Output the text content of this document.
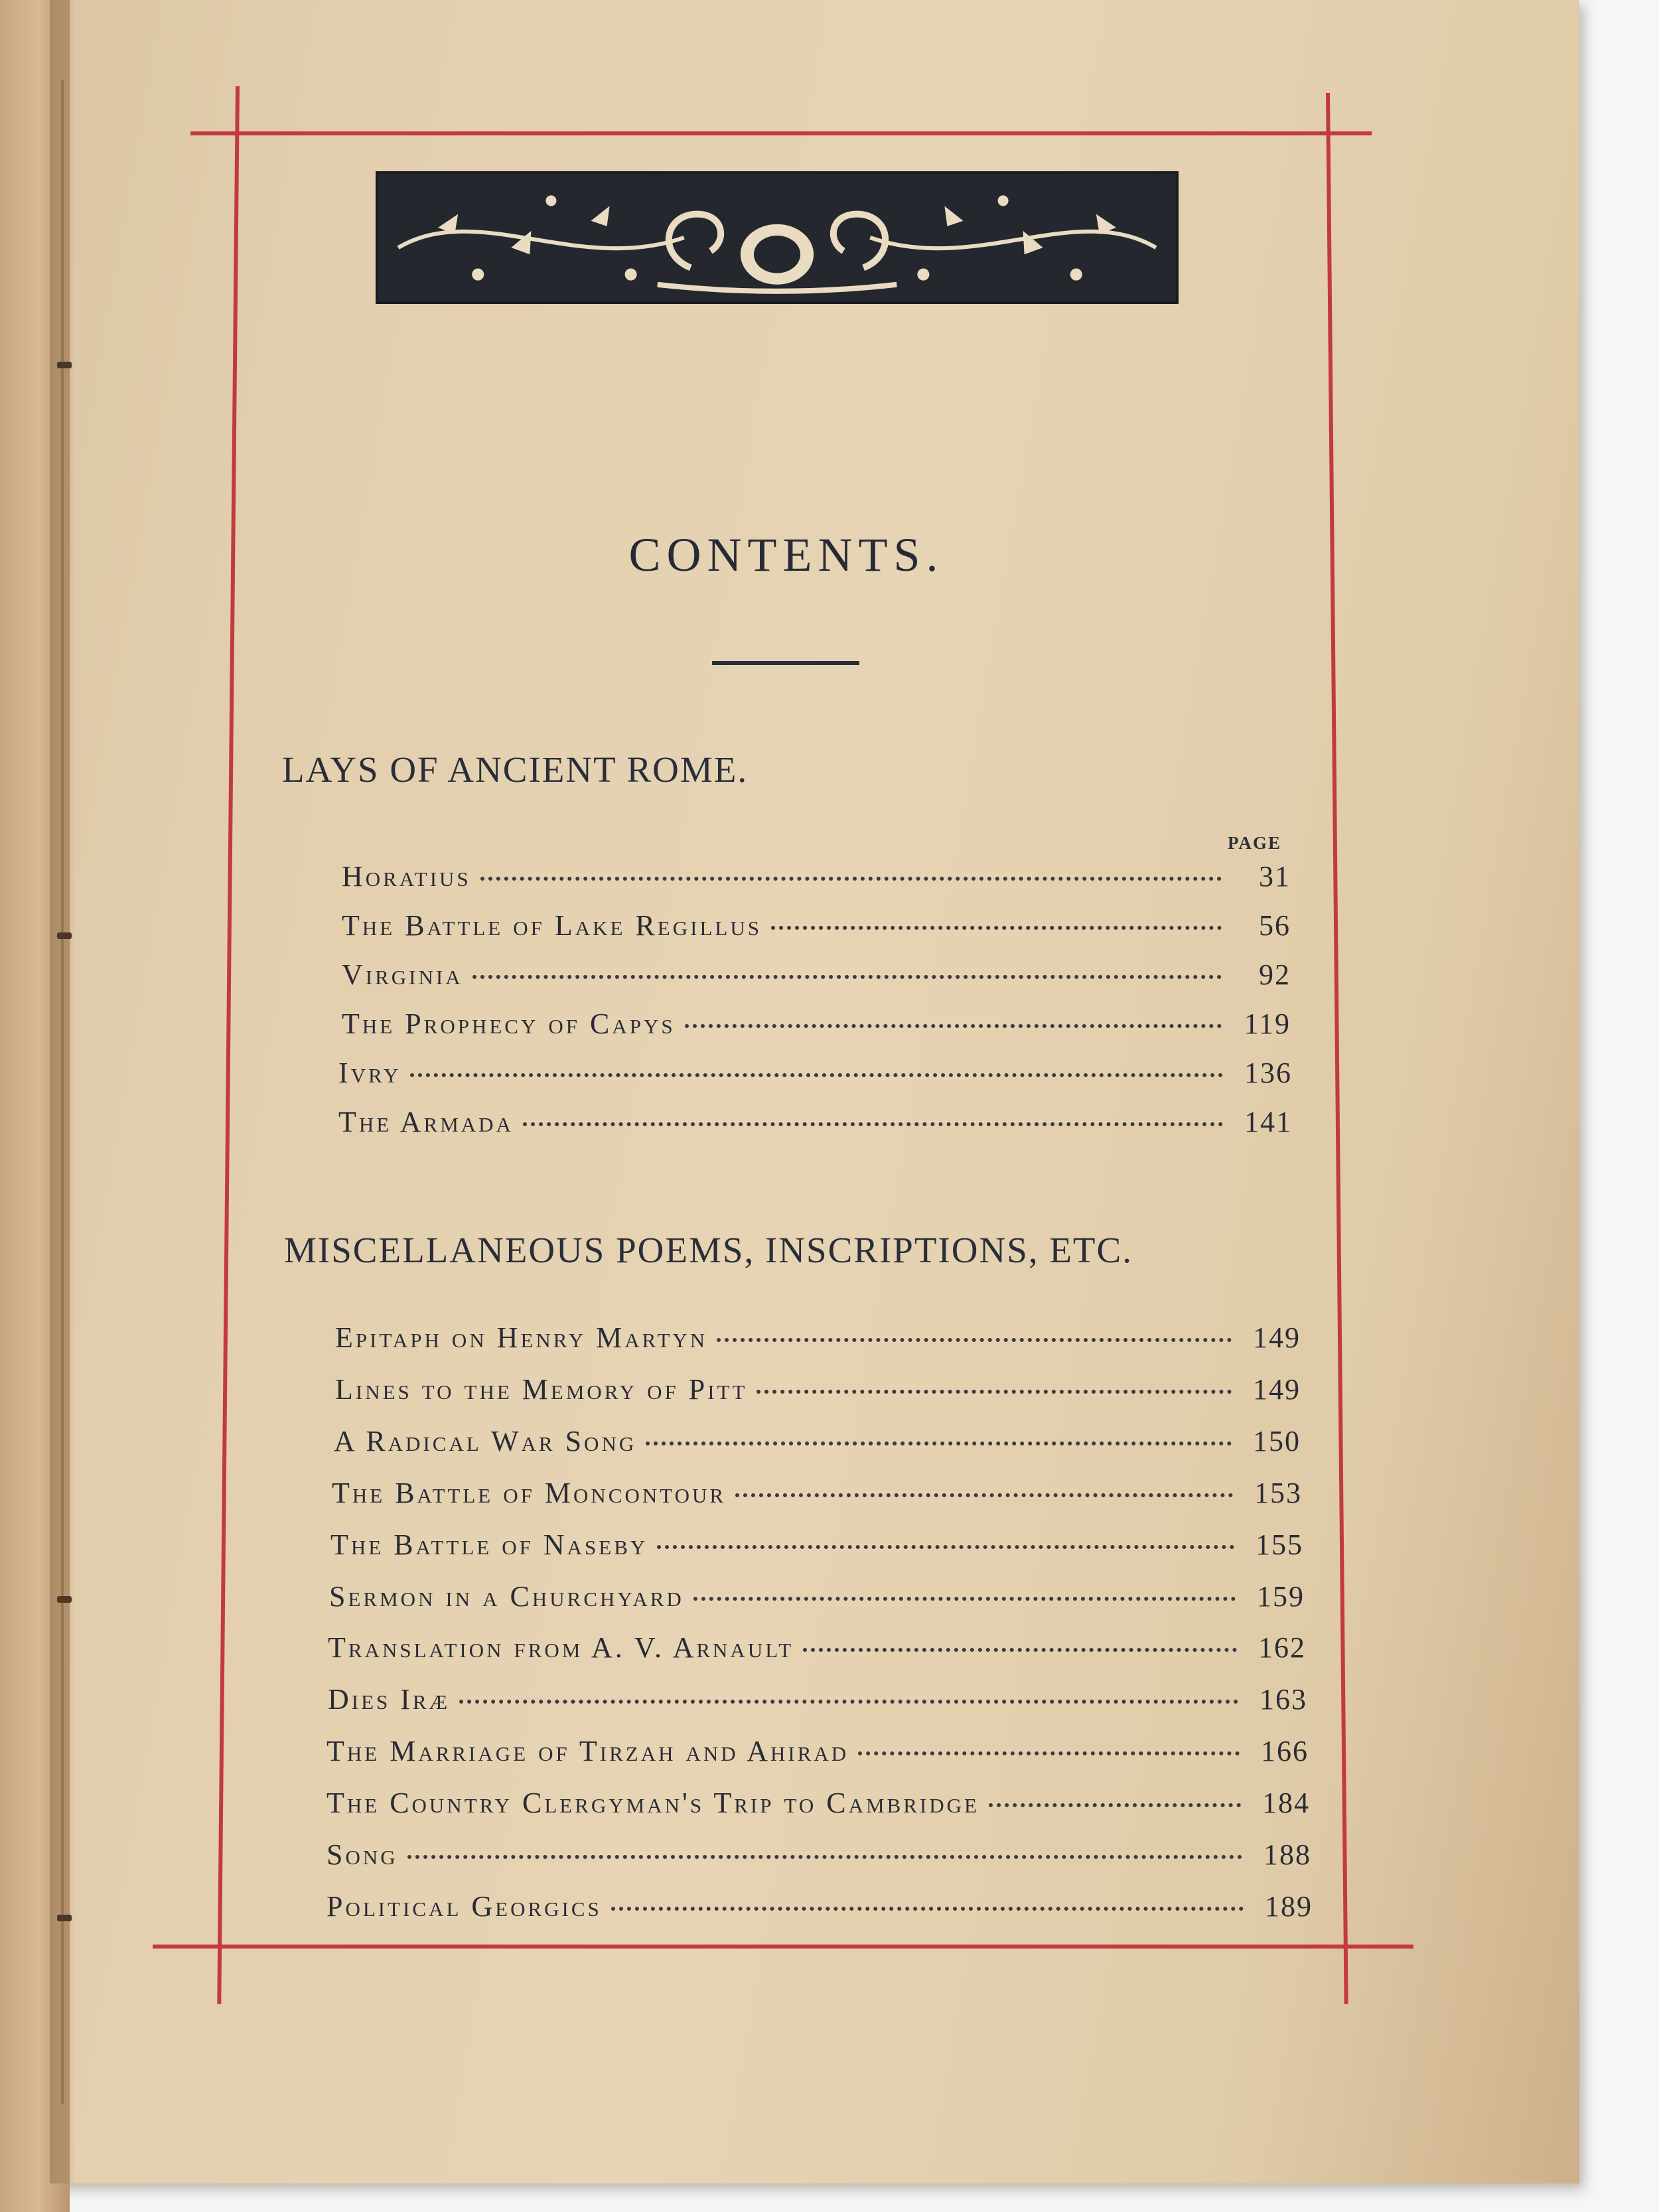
CONTENTS.
LAYS OF ANCIENT ROME.
PAGE
Horatius	31
The Battle of Lake Regillus	56
Virginia	92
The Prophecy of Capys	119
Ivry	136
The Armada	141
MISCELLANEOUS POEMS, INSCRIPTIONS, ETC.
Epitaph on Henry Martyn	149
Lines to the Memory of Pitt	149
A Radical War Song	150
The Battle of Moncontour	153
The Battle of Naseby	155
Sermon in a Churchyard	159
Translation from A. V. Arnault	162
Dies Iræ	163
The Marriage of Tirzah and Ahirad	166
The Country Clergyman's Trip to Cambridge	184
Song	188
Political Georgics	189
